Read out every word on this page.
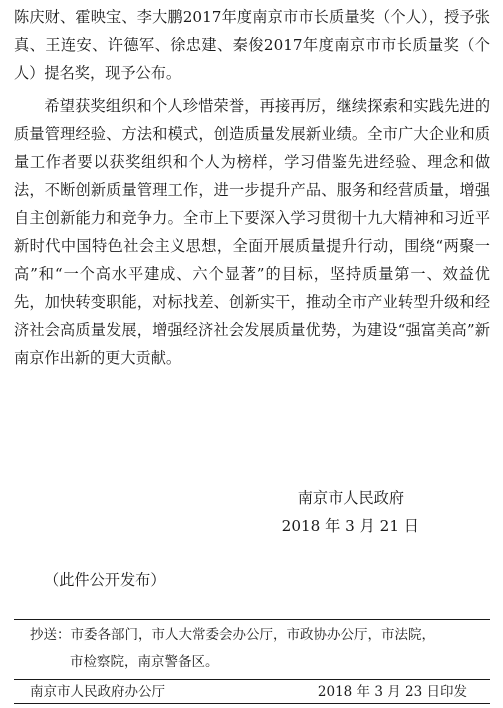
陈庆财、霍映宝、李大鹏2017年度南京市市长质量奖（个人），授予张真、王连安、许德军、徐忠建、秦俊2017年度南京市市长质量奖（个人）提名奖，现予公布。

希望获奖组织和个人珍惜荣誉，再接再厉，继续探索和实践先进的质量管理经验、方法和模式，创造质量发展新业绩。全市广大企业和质量工作者要以获奖组织和个人为榜样，学习借鉴先进经验、理念和做法，不断创新质量管理工作，进一步提升产品、服务和经营质量，增强自主创新能力和竞争力。全市上下要深入学习贯彻十九大精神和习近平新时代中国特色社会主义思想，全面开展质量提升行动，围绕“两聚一高”和“一个高水平建成、六个显著”的目标，坚持质量第一、效益优先，加快转变职能，对标找差、创新实干，推动全市产业转型升级和经济社会高质量发展，增强经济社会发展质量优势，为建设“强富美高”新南京作出新的更大贡献。

南京市人民政府
2018 年 3 月 21 日
（此件公开发布）
抄送：市委各部门，市人大常委会办公厅，市政协办公厅，市法院，
市检察院，南京警备区。
南京市人民政府办公厅	2018 年 3 月 23 日印发
